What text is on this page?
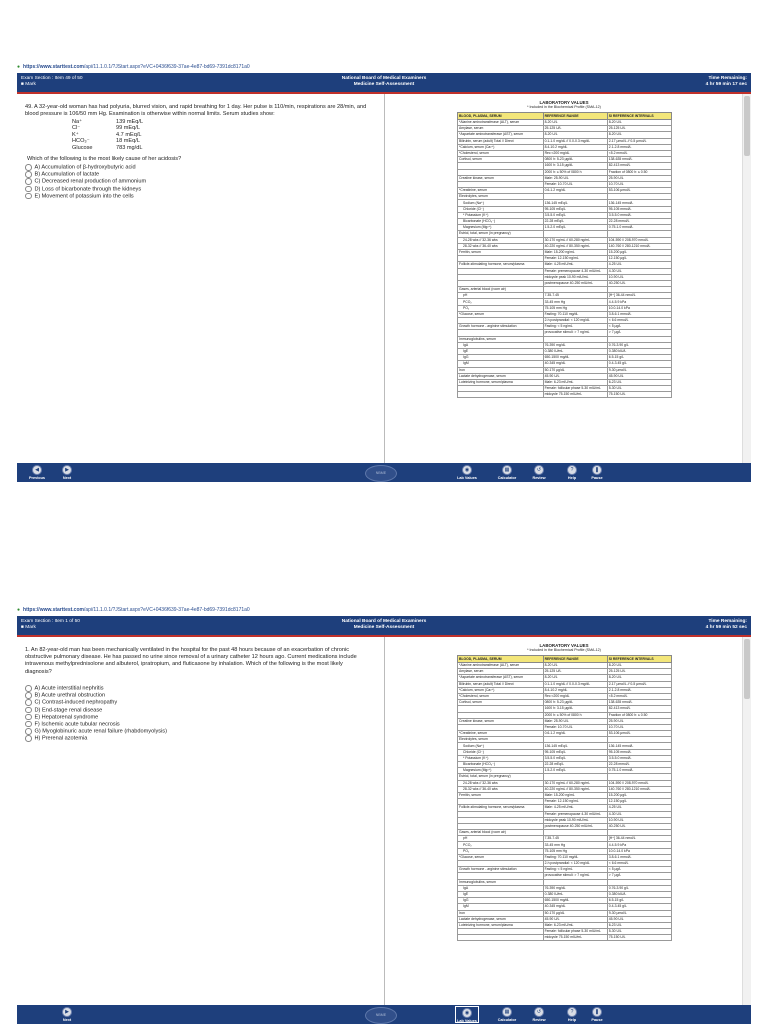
● https://www.starttest.com/api/11.1.0.1/?JStart.aspx?eVC+0436f639-37ae-4e87-bd69-7391dc8171a0
Exam Section : Item 49 of 50
■ Mark
National Board of Medical Examiners
Medicine Self-Assessment
Time Remaining:
4 hr 59 min 17 sec
49. A 32-year-old woman has had polyuria, blurred vision, and rapid breathing for 1 day. Her pulse is 110/min, respirations are 28/min, and blood pressure is 106/50 mm Hg. Examination is otherwise within normal limits. Serum studies show:
Na⁺	139 mEq/L
Cl⁻	99 mEq/L
K⁺	4.7 mEq/L
HCO₃⁻	18 mEq/L
Glucose	783 mg/dL
Which of the following is the most likely cause of her acidosis?
A) Accumulation of β-hydroxybutyric acid
B) Accumulation of lactate
C) Decreased renal production of ammonium
D) Loss of bicarbonate through the kidneys
E) Movement of potassium into the cells
LABORATORY VALUES
* Included in the Biochemical Profile (SMA-12)
BLOOD, PLASMA, SERUM	REFERENCE RANGE	SI REFERENCE INTERVALS
*Alanine aminotransferase (ALT), serum	8-20 U/L	8-20 U/L
Amylase, serum	25-125 U/L	25-125 U/L
*Aspartate aminotransferase (AST), serum	8-20 U/L	8-20 U/L
Bilirubin, serum (adult) Total // Direct	0.1-1.0 mg/dL // 0.0-0.3 mg/dL	2-17 μmol/L // 0-5 μmol/L
*Calcium, serum (Ca²⁺)	8.4-10.2 mg/dL	2.1-2.8 mmol/L
*Cholesterol, serum	Rec:<200 mg/dL	<5.2 mmol/L
Cortisol, serum	0800 h: 5-23 μg/dL	138-635 nmol/L
	1600 h: 3-15 μg/dL	82-413 nmol/L
	2000 h: ≤ 50% of 0800 h	Fraction of 0800 h: ≤ 0.50
Creatine kinase, serum	Male: 25-90 U/L	25-90 U/L
	Female: 10-70 U/L	10-70 U/L
*Creatinine, serum	0.6-1.2 mg/dL	53-106 μmol/L
Electrolytes, serum		
Sodium (Na⁺)	136-145 mEq/L	136-145 mmol/L
Chloride (Cl⁻)	95-105 mEq/L	95-105 mmol/L
* Potassium (K⁺)	3.5-5.0 mEq/L	3.5-5.0 mmol/L
Bicarbonate (HCO₃⁻)	22-28 mEq/L	22-28 mmol/L
Magnesium (Mg²⁺)	1.5-2.0 mEq/L	0.75-1.0 mmol/L
Estriol, total, serum (in pregnancy)		
24-28 wks // 32-36 wks	30-170 ng/mL // 60-280 ng/mL	104-590 // 208-970 nmol/L
28-32 wks // 36-40 wks	40-220 ng/mL // 80-350 ng/mL	140-760 // 280-1210 nmol/L
Ferritin, serum	Male: 15-200 ng/mL	15-200 μg/L
	Female: 12-150 ng/mL	12-150 μg/L
Follicle-stimulating hormone, serum/plasma	Male: 4-25 mIU/mL	4-25 U/L
	Female: premenopause 4-30 mIU/mL	4-30 U/L
	midcycle peak 10-90 mIU/mL	10-90 U/L
	postmenopause 40-250 mIU/mL	40-250 U/L
Gases, arterial blood (room air)		
pH	7.35-7.45	[H⁺] 36-44 nmol/L
PCO₂	33-45 mm Hg	4.4-5.9 kPa
PO₂	75-105 mm Hg	10.0-14.0 kPa
*Glucose, serum	Fasting: 70-110 mg/dL	3.8-6.1 mmol/L
	2-h postprandial: < 120 mg/dL	< 6.6 mmol/L
Growth hormone - arginine stimulation	Fasting: < 5 ng/mL	< 5 μg/L
	provocative stimuli: > 7 ng/mL	> 7 μg/L
Immunoglobulins, serum		
IgA	76-390 mg/dL	0.76-3.90 g/L
IgE	0-380 IU/mL	0-380 kIU/L
IgG	650-1500 mg/dL	6.5-15 g/L
IgM	40-345 mg/dL	0.4-3.45 g/L
Iron	50-170 μg/dL	9-30 μmol/L
Lactate dehydrogenase, serum	45-90 U/L	45-90 U/L
Luteinizing hormone, serum/plasma	Male: 6-23 mIU/mL	6-23 U/L
	Female: follicular phase 5-30 mIU/mL	5-30 U/L
	midcycle 75-150 mIU/mL	75-150 U/L
◀
Previous
▶
Next
NBME	◉
Lab Values
▦
Calculator
↺
Review
?
Help
❚
Pause
● https://www.starttest.com/api/11.1.0.1/?JStart.aspx?eVC+0436f639-37ae-4e87-bd69-7391dc8171a0
Exam Section : Item 1 of 50
■ Mark
National Board of Medical Examiners
Medicine Self-Assessment
Time Remaining:
4 hr 59 min 52 sec
1. An 82-year-old man has been mechanically ventilated in the hospital for the past 48 hours because of an exacerbation of chronic obstructive pulmonary disease. He has passed no urine since removal of a urinary catheter 12 hours ago. Current medications include intravenous methylprednisolone and albuterol, ipratropium, and fluticasone by inhalation. Which of the following is the most likely diagnosis?
A) Acute interstitial nephritis
B) Acute urethral obstruction
C) Contrast-induced nephropathy
D) End-stage renal disease
E) Hepatorenal syndrome
F) Ischemic acute tubular necrosis
G) Myoglobinuric acute renal failure (rhabdomyolysis)
H) Prerenal azotemia
LABORATORY VALUES
* Included in the Biochemical Profile (SMA-12)
BLOOD, PLASMA, SERUM	REFERENCE RANGE	SI REFERENCE INTERVALS
*Alanine aminotransferase (ALT), serum	8-20 U/L	8-20 U/L
Amylase, serum	25-125 U/L	25-125 U/L
*Aspartate aminotransferase (AST), serum	8-20 U/L	8-20 U/L
Bilirubin, serum (adult) Total // Direct	0.1-1.0 mg/dL // 0.0-0.3 mg/dL	2-17 μmol/L // 0-5 μmol/L
*Calcium, serum (Ca²⁺)	8.4-10.2 mg/dL	2.1-2.8 mmol/L
*Cholesterol, serum	Rec:<200 mg/dL	<5.2 mmol/L
Cortisol, serum	0800 h: 5-23 μg/dL	138-635 nmol/L
	1600 h: 3-15 μg/dL	82-413 nmol/L
	2000 h: ≤ 50% of 0800 h	Fraction of 0800 h: ≤ 0.50
Creatine kinase, serum	Male: 25-90 U/L	25-90 U/L
	Female: 10-70 U/L	10-70 U/L
*Creatinine, serum	0.6-1.2 mg/dL	53-106 μmol/L
Electrolytes, serum		
Sodium (Na⁺)	136-145 mEq/L	136-145 mmol/L
Chloride (Cl⁻)	95-105 mEq/L	95-105 mmol/L
* Potassium (K⁺)	3.5-5.0 mEq/L	3.5-5.0 mmol/L
Bicarbonate (HCO₃⁻)	22-28 mEq/L	22-28 mmol/L
Magnesium (Mg²⁺)	1.5-2.0 mEq/L	0.75-1.0 mmol/L
Estriol, total, serum (in pregnancy)		
24-28 wks // 32-36 wks	30-170 ng/mL // 60-280 ng/mL	104-590 // 208-970 nmol/L
28-32 wks // 36-40 wks	40-220 ng/mL // 80-350 ng/mL	140-760 // 280-1210 nmol/L
Ferritin, serum	Male: 15-200 ng/mL	15-200 μg/L
	Female: 12-150 ng/mL	12-150 μg/L
Follicle-stimulating hormone, serum/plasma	Male: 4-25 mIU/mL	4-25 U/L
	Female: premenopause 4-30 mIU/mL	4-30 U/L
	midcycle peak 10-90 mIU/mL	10-90 U/L
	postmenopause 40-250 mIU/mL	40-250 U/L
Gases, arterial blood (room air)		
pH	7.35-7.45	[H⁺] 36-44 nmol/L
PCO₂	33-45 mm Hg	4.4-5.9 kPa
PO₂	75-105 mm Hg	10.0-14.0 kPa
*Glucose, serum	Fasting: 70-110 mg/dL	3.8-6.1 mmol/L
	2-h postprandial: < 120 mg/dL	< 6.6 mmol/L
Growth hormone - arginine stimulation	Fasting: < 5 ng/mL	< 5 μg/L
	provocative stimuli: > 7 ng/mL	> 7 μg/L
Immunoglobulins, serum		
IgA	76-390 mg/dL	0.76-3.90 g/L
IgE	0-380 IU/mL	0-380 kIU/L
IgG	650-1500 mg/dL	6.5-15 g/L
IgM	40-345 mg/dL	0.4-3.45 g/L
Iron	50-170 μg/dL	9-30 μmol/L
Lactate dehydrogenase, serum	45-90 U/L	45-90 U/L
Luteinizing hormone, serum/plasma	Male: 6-23 mIU/mL	6-23 U/L
	Female: follicular phase 5-30 mIU/mL	5-30 U/L
	midcycle 75-150 mIU/mL	75-150 U/L
▶
Next
NBME	◉
Lab Values
▦
Calculator
↺
Review
?
Help
❚
Pause
